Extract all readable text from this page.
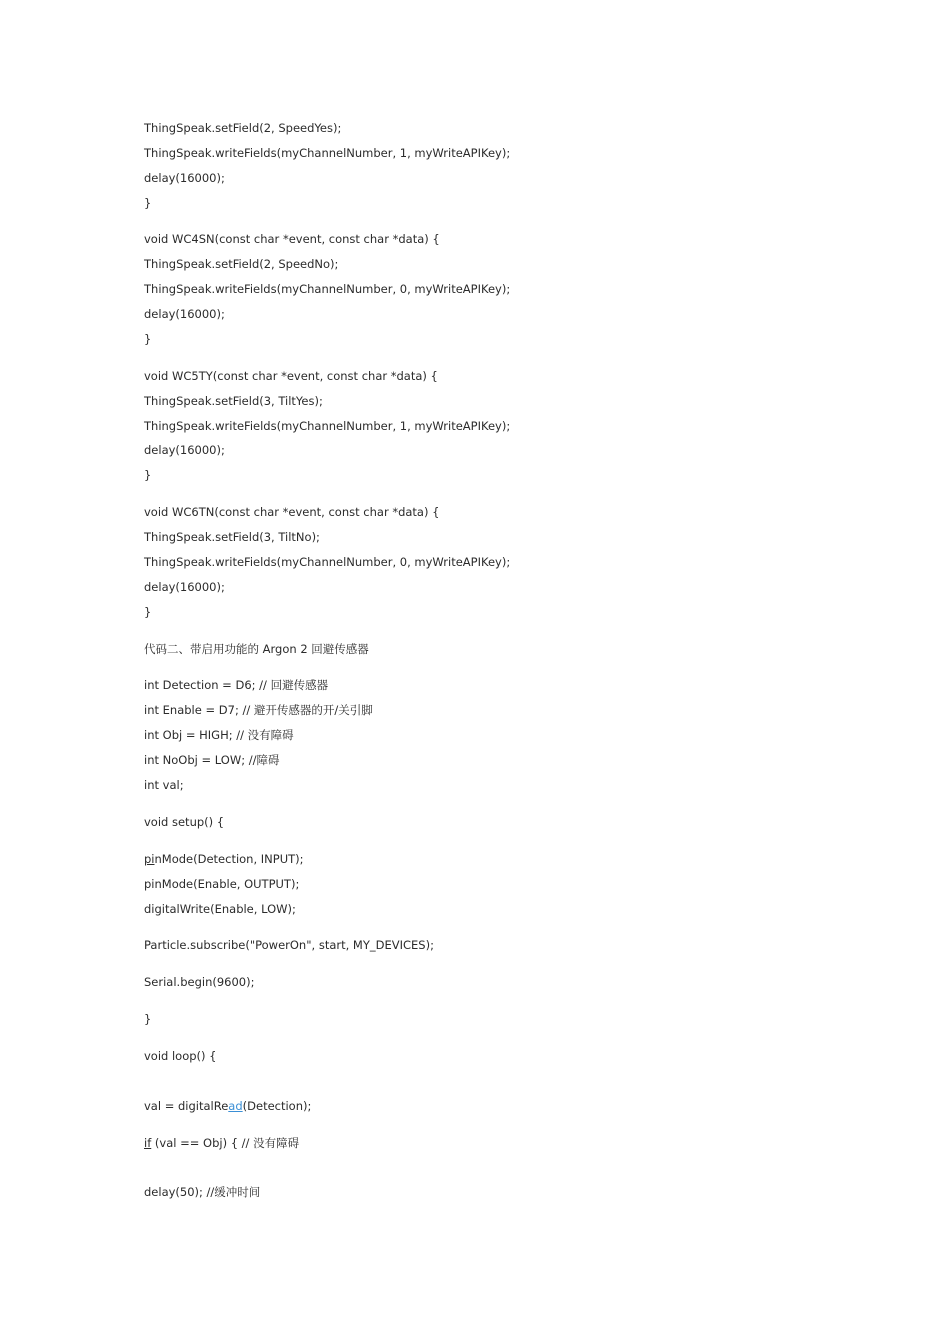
ThingSpeak.setField(2, SpeedYes);
ThingSpeak.writeFields(myChannelNumber, 1, myWriteAPIKey);
delay(16000);
}
void WC4SN(const char *event, const char *data) {
ThingSpeak.setField(2, SpeedNo);
ThingSpeak.writeFields(myChannelNumber, 0, myWriteAPIKey);
delay(16000);
}
void WC5TY(const char *event, const char *data) {
ThingSpeak.setField(3, TiltYes);
ThingSpeak.writeFields(myChannelNumber, 1, myWriteAPIKey);
delay(16000);
}
void WC6TN(const char *event, const char *data) {
ThingSpeak.setField(3, TiltNo);
ThingSpeak.writeFields(myChannelNumber, 0, myWriteAPIKey);
delay(16000);
}
代码二、带启用功能的 Argon 2 回避传感器
int Detection = D6; // 回避传感器
int Enable = D7; // 避开传感器的开/关引脚
int Obj = HIGH; // 没有障碍
int NoObj = LOW; //障碍
int val;
void setup() {
pinMode(Detection, INPUT);
pinMode(Enable, OUTPUT);
digitalWrite(Enable, LOW);
Particle.subscribe("PowerOn", start, MY_DEVICES);
Serial.begin(9600);
}
void loop() {
val = digitalRead(Detection);
if (val == Obj) { // 没有障碍
delay(50); //缓冲时间
